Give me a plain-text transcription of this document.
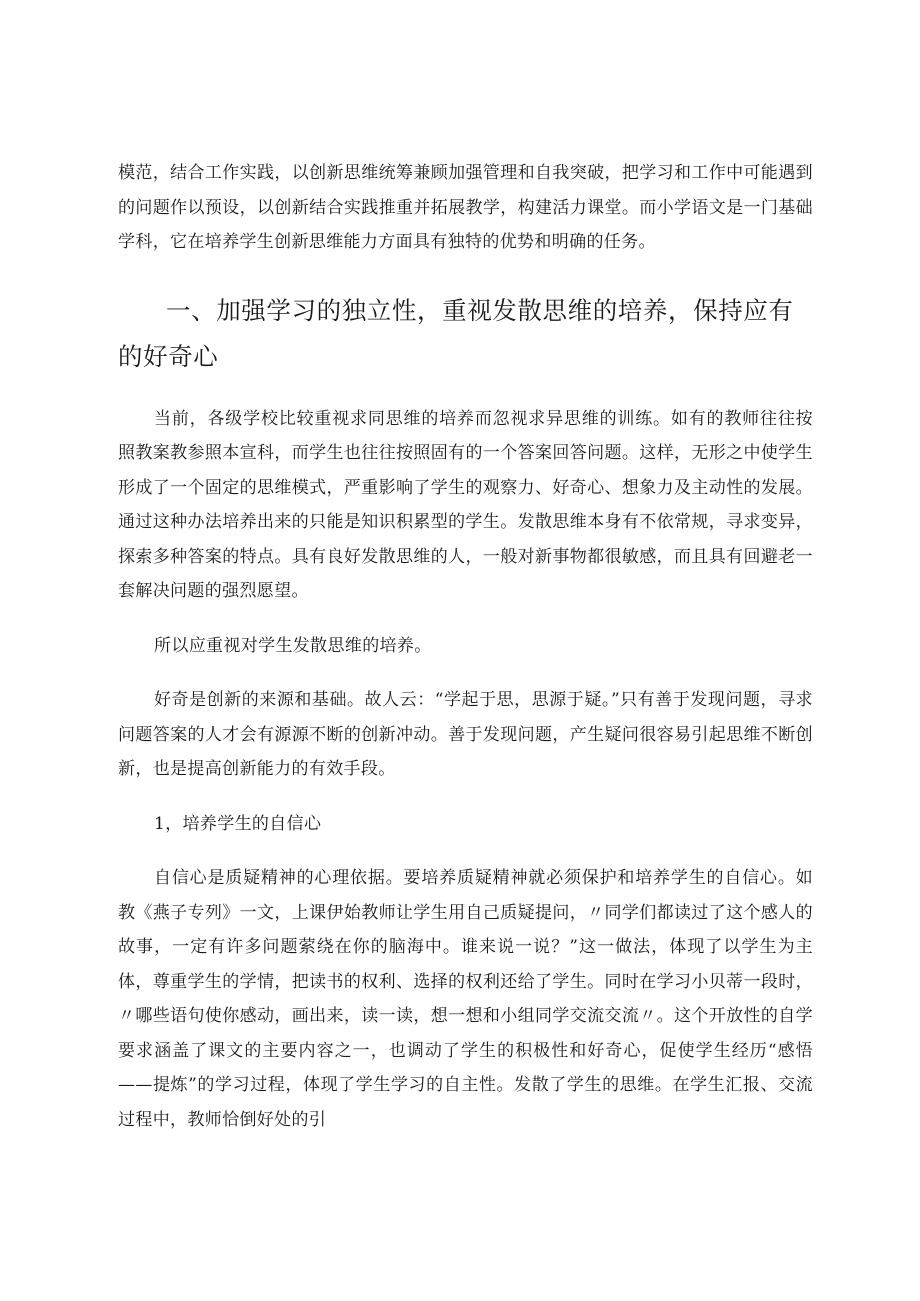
模范，结合工作实践，以创新思维统筹兼顾加强管理和自我突破，把学习和工作中可能遇到的问题作以预设，以创新结合实践推重并拓展教学，构建活力课堂。而小学语文是一门基础学科，它在培养学生创新思维能力方面具有独特的优势和明确的任务。

一、加强学习的独立性，重视发散思维的培养，保持应有的好奇心

当前，各级学校比较重视求同思维的培养而忽视求异思维的训练。如有的教师往往按照教案教参照本宣科，而学生也往往按照固有的一个答案回答问题。这样，无形之中使学生形成了一个固定的思维模式，严重影响了学生的观察力、好奇心、想象力及主动性的发展。通过这种办法培养出来的只能是知识积累型的学生。发散思维本身有不依常规，寻求变异，探索多种答案的特点。具有良好发散思维的人，一般对新事物都很敏感，而且具有回避老一套解决问题的强烈愿望。

所以应重视对学生发散思维的培养。

好奇是创新的来源和基础。故人云：“学起于思，思源于疑。”只有善于发现问题，寻求问题答案的人才会有源源不断的创新冲动。善于发现问题，产生疑问很容易引起思维不断创新，也是提高创新能力的有效手段。

1，培养学生的自信心

自信心是质疑精神的心理依据。要培养质疑精神就必须保护和培养学生的自信心。如教《燕子专列》一文，上课伊始教师让学生用自己质疑提问，〃同学们都读过了这个感人的故事，一定有许多问题萦绕在你的脑海中。谁来说一说？”这一做法，体现了以学生为主体，尊重学生的学情，把读书的权利、选择的权利还给了学生。同时在学习小贝蒂一段时，〃哪些语句使你感动，画出来，读一读，想一想和小组同学交流交流〃。这个开放性的自学要求涵盖了课文的主要内容之一，也调动了学生的积极性和好奇心，促使学生经历“感悟——提炼”的学习过程，体现了学生学习的自主性。发散了学生的思维。在学生汇报、交流过程中，教师恰倒好处的引
